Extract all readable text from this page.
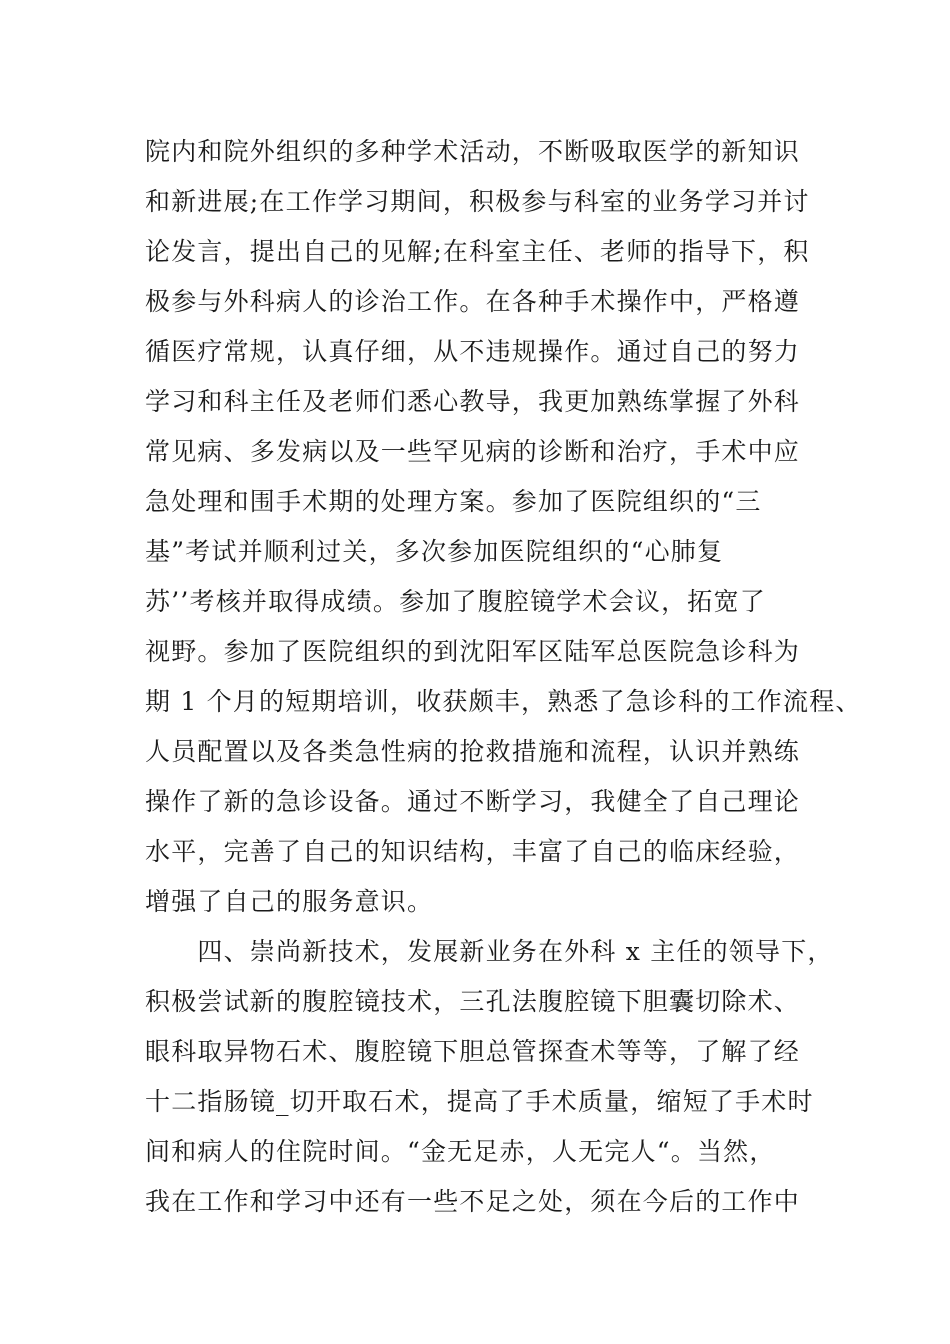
院内和院外组织的多种学术活动，不断吸取医学的新知识
和新进展;在工作学习期间，积极参与科室的业务学习并讨
论发言，提出自己的见解;在科室主任、老师的指导下，积
极参与外科病人的诊治工作。在各种手术操作中，严格遵
循医疗常规，认真仔细，从不违规操作。通过自己的努力
学习和科主任及老师们悉心教导，我更加熟练掌握了外科
常见病、多发病以及一些罕见病的诊断和治疗，手术中应
急处理和围手术期的处理方案。参加了医院组织的“三
基”考试并顺利过关，多次参加医院组织的“心肺复
苏’’考核并取得成绩。参加了腹腔镜学术会议，拓宽了
视野。参加了医院组织的到沈阳军区陆军总医院急诊科为
期 1 个月的短期培训，收获颇丰，熟悉了急诊科的工作流程、
人员配置以及各类急性病的抢救措施和流程，认识并熟练
操作了新的急诊设备。通过不断学习，我健全了自己理论
水平，完善了自己的知识结构，丰富了自己的临床经验，
增强了自己的服务意识。
　　四、崇尚新技术，发展新业务在外科 x 主任的领导下，
积极尝试新的腹腔镜技术，三孔法腹腔镜下胆囊切除术、
眼科取异物石术、腹腔镜下胆总管探查术等等，了解了经
十二指肠镜_切开取石术，提高了手术质量，缩短了手术时
间和病人的住院时间。“金无足赤，人无完人“。当然，
我在工作和学习中还有一些不足之处，须在今后的工作中
